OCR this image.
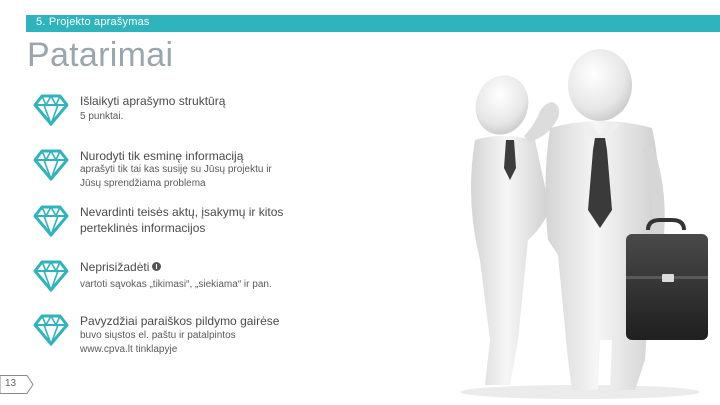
5. Projekto aprašymas
Patarimai
Išlaikyti aprašymo struktūrą
5 punktai.
Nurodyti tik esminę informaciją
aprašyti tik tai kas susiję su Jūsų projektu ir
Jūsų sprendžiama problema
Nevardinti teisės aktų, įsakymų ir kitos perteklinės informacijos
Neprisižadėti
vartoti sąvokas „tikimasi“, „siekiama“ ir pan.
Pavyzdžiai paraiškos pildymo gairėse
buvo siųstos el. paštu ir patalpintos
www.cpva.lt tinklapyje
13
